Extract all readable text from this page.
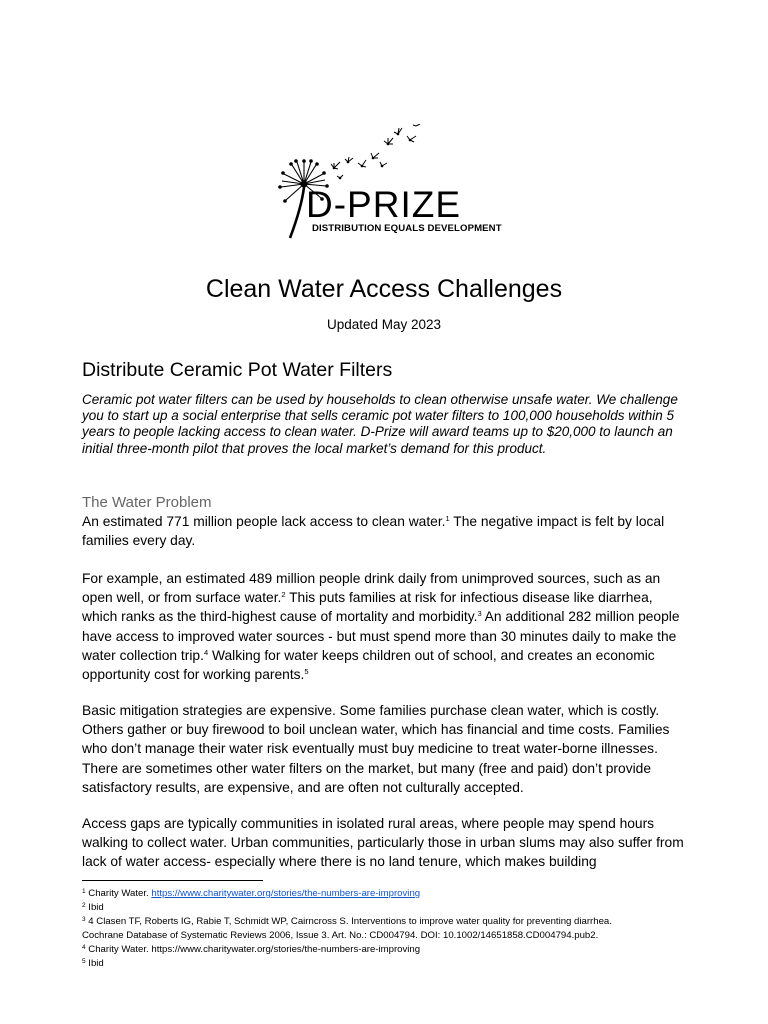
D-PRIZE
DISTRIBUTION EQUALS DEVELOPMENT
Clean Water Access Challenges
Updated May 2023
Distribute Ceramic Pot Water Filters
Ceramic pot water filters can be used by households to clean otherwise unsafe water. We challenge you to start up a social enterprise that sells ceramic pot water filters to 100,000 households within 5 years to people lacking access to clean water. D-Prize will award teams up to $20,000 to launch an initial three-month pilot that proves the local market’s demand for this product.
The Water Problem
An estimated 771 million people lack access to clean water.$^1$ The negative impact is felt by local families every day.
For example, an estimated 489 million people drink daily from unimproved sources, such as an open well, or from surface water.$^2$ This puts families at risk for infectious disease like diarrhea, which ranks as the third-highest cause of mortality and morbidity.$^3$ An additional 282 million people have access to improved water sources - but must spend more than 30 minutes daily to make the water collection trip.$^4$ Walking for water keeps children out of school, and creates an economic opportunity cost for working parents.$^5$
Basic mitigation strategies are expensive. Some families purchase clean water, which is costly. Others gather or buy firewood to boil unclean water, which has financial and time costs. Families who don’t manage their water risk eventually must buy medicine to treat water-borne illnesses. There are sometimes other water filters on the market, but many (free and paid) don’t provide satisfactory results, are expensive, and are often not culturally accepted.
Access gaps are typically communities in isolated rural areas, where people may spend hours walking to collect water. Urban communities, particularly those in urban slums may also suffer from lack of water access- especially where there is no land tenure, which makes building
$^1$ Charity Water. https://www.charitywater.org/stories/the-numbers-are-improving
$^2$ Ibid
$^3$ 4 Clasen TF, Roberts IG, Rabie T, Schmidt WP, Cairncross S. Interventions to improve water quality for preventing diarrhea.
Cochrane Database of Systematic Reviews 2006, Issue 3. Art. No.: CD004794. DOI: 10.1002/14651858.CD004794.pub2.
$^4$ Charity Water. https://www.charitywater.org/stories/the-numbers-are-improving
$^5$ Ibid
